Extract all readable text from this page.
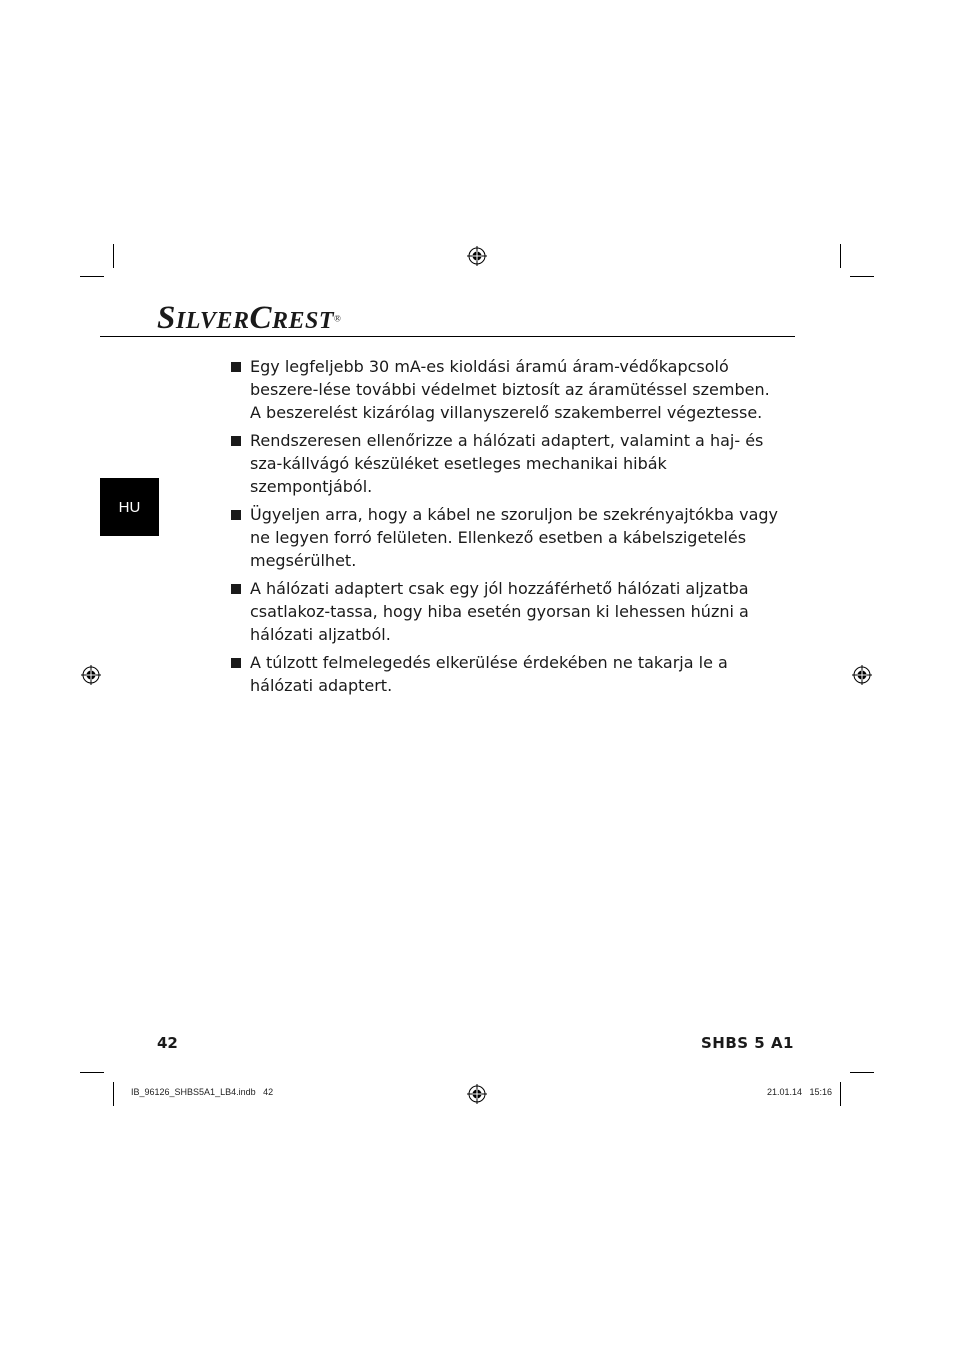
SILVERCREST®
HU
Egy legfeljebb 30 mA-es kioldási áramú áram-védőkapcsoló beszere-lése további védelmet biztosít az áramütéssel szemben. A beszerelést kizárólag villanyszerelő szakemberrel végeztesse.
Rendszeresen ellenőrizze a hálózati adaptert, valamint a haj- és sza-kállvágó készüléket esetleges mechanikai hibák szempontjából.
Ügyeljen arra, hogy a kábel ne szoruljon be szekrényajtókba vagy ne legyen forró felületen. Ellenkező esetben a kábelszigetelés megsérülhet.
A hálózati adaptert csak egy jól hozzáférhető hálózati aljzatba csatlakoz-tassa, hogy hiba esetén gyorsan ki lehessen húzni a hálózati aljzatból.
A túlzott felmelegedés elkerülése érdekében ne takarja le a hálózati adaptert.
42	SHBS 5 A1
IB_96126_SHBS5A1_LB4.indb   42	21.01.14   15:16
